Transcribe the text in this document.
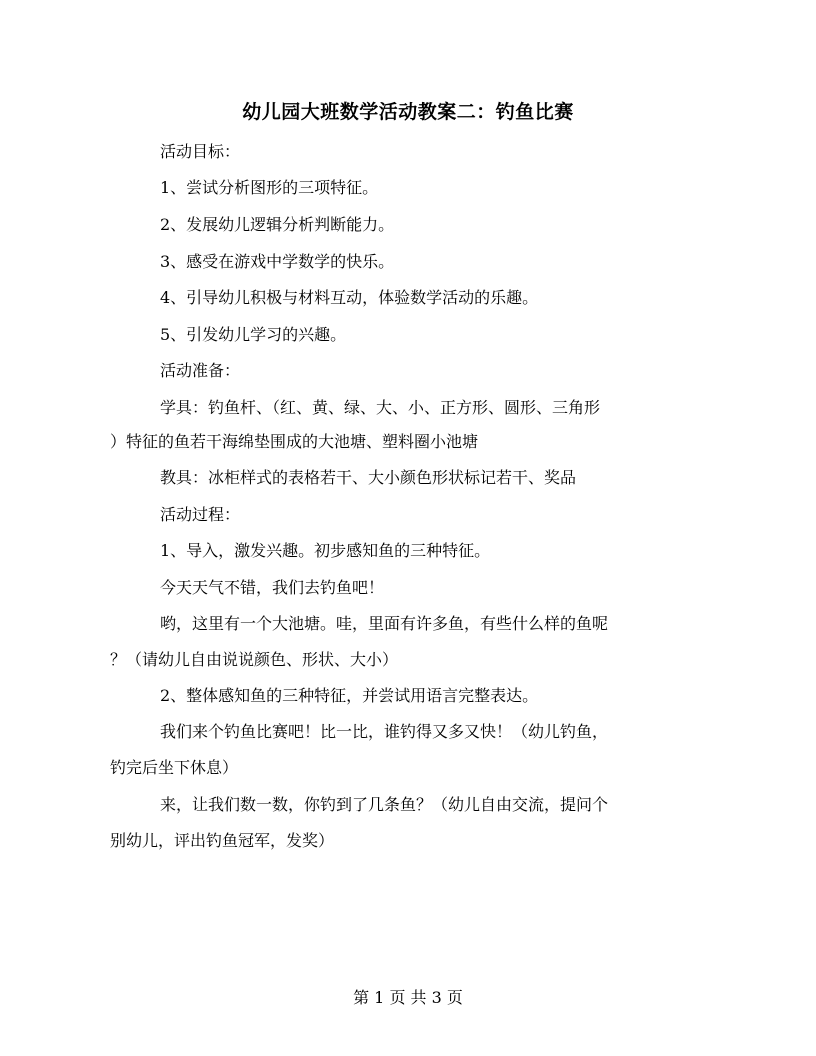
幼儿园大班数学活动教案二：钓鱼比赛
活动目标：
1、尝试分析图形的三项特征。
2、发展幼儿逻辑分析判断能力。
3、感受在游戏中学数学的快乐。
4、引导幼儿积极与材料互动，体验数学活动的乐趣。
5、引发幼儿学习的兴趣。
活动准备：
学具：钓鱼杆、（红、黄、绿、大、小、正方形、圆形、三角形
）特征的鱼若干海绵垫围成的大池塘、塑料圈小池塘
教具：冰柜样式的表格若干、大小颜色形状标记若干、奖品
活动过程：
1、导入，激发兴趣。初步感知鱼的三种特征。
今天天气不错，我们去钓鱼吧！
哟，这里有一个大池塘。哇，里面有许多鱼，有些什么样的鱼呢
？（请幼儿自由说说颜色、形状、大小）
2、整体感知鱼的三种特征，并尝试用语言完整表达。
我们来个钓鱼比赛吧！比一比，谁钓得又多又快！（幼儿钓鱼，
钓完后坐下休息）
来，让我们数一数，你钓到了几条鱼？（幼儿自由交流，提问个
别幼儿，评出钓鱼冠军，发奖）
第 1 页 共 3 页
